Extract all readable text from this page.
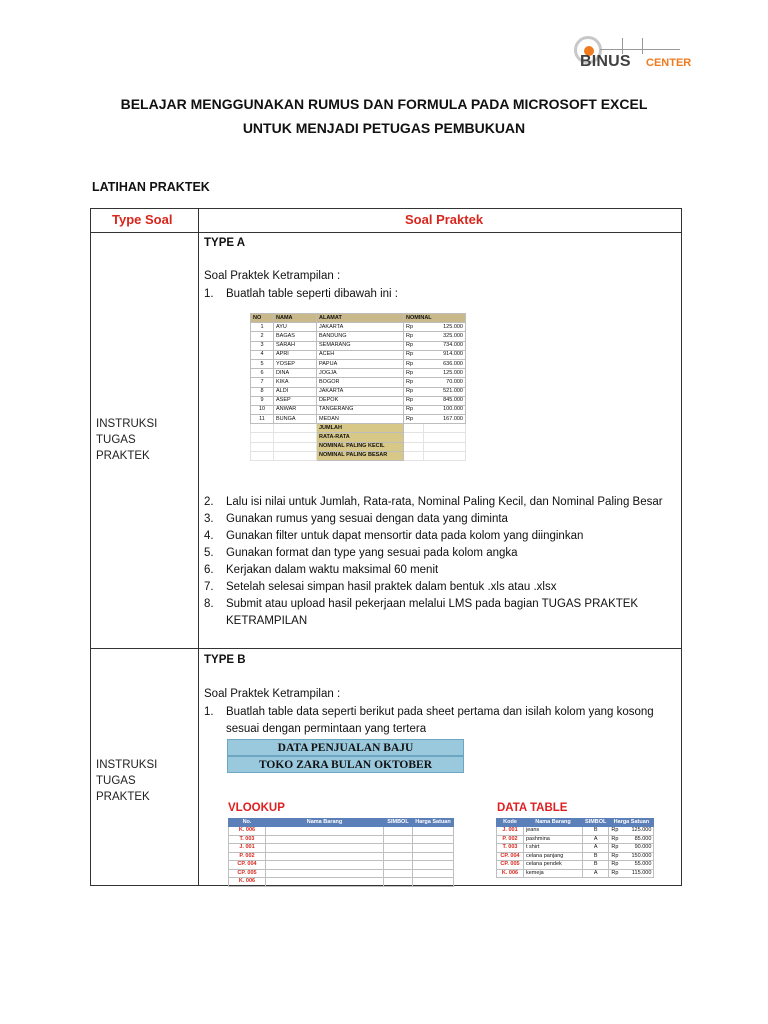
BINUS CENTER
BELAJAR MENGGUNAKAN RUMUS DAN FORMULA PADA MICROSOFT EXCEL
UNTUK MENJADI PETUGAS PEMBUKUAN
LATIHAN PRAKTEK
Type Soal	Soal Praktek
INSTRUKSI
TUGAS
PRAKTEK
TYPE A
Soal Praktek Ketrampilan :
1.	Buatlah table seperti dibawah ini :
NO	NAMA	ALAMAT	NOMINAL	
1	AYU	JAKARTA	Rp	125.000
2	BAGAS	BANDUNG	Rp	325.000
3	SARAH	SEMARANG	Rp	734.000
4	APRI	ACEH	Rp	914.000
5	YOSEP	PAPUA	Rp	636.000
6	DINA	JOGJA	Rp	125.000
7	KIKA	BOGOR	Rp	70.000
8	ALDI	JAKARTA	Rp	521.000
9	ASEP	DEPOK	Rp	845.000
10	ANWAR	TANGERANG	Rp	100.000
11	BUNGA	MEDAN	Rp	167.000
		JUMLAH		
		RATA-RATA		
		NOMINAL PALING KECIL		
		NOMINAL PALING BESAR		
2.	Lalu isi nilai untuk Jumlah, Rata-rata, Nominal Paling Kecil, dan Nominal Paling Besar
3.	Gunakan rumus yang sesuai dengan data yang diminta
4.	Gunakan filter untuk dapat mensortir data pada kolom yang diinginkan
5.	Gunakan format dan type yang sesuai pada kolom angka
6.	Kerjakan dalam waktu maksimal 60 menit
7.	Setelah selesai simpan hasil praktek dalam bentuk .xls atau .xlsx
8.	Submit atau upload hasil pekerjaan melalui LMS pada bagian TUGAS PRAKTEK KETRAMPILAN
INSTRUKSI
TUGAS
PRAKTEK
TYPE B
Soal Praktek Ketrampilan :
1.	Buatlah table data seperti berikut pada sheet pertama dan isilah kolom yang kosong sesuai dengan permintaan yang tertera
DATA PENJUALAN BAJU
TOKO ZARA BULAN OKTOBER
VLOOKUP	DATA TABLE
No.	Nama Barang	SIMBOL	Harga Satuan
K. 006			
T. 003			
J. 001			
P. 002			
CP. 004			
CP. 005			
K. 006			
Kode	Nama Barang	SIMBOL	Harga Satuan	
J. 001	jeans	B	Rp	125.000
P. 002	pashmina	A	Rp	85.000
T. 003	t shirt	A	Rp	90.000
CP. 004	celana panjang	B	Rp	150.000
CP. 005	celana pendek	B	Rp	55.000
K. 006	kemeja	A	Rp	115.000
